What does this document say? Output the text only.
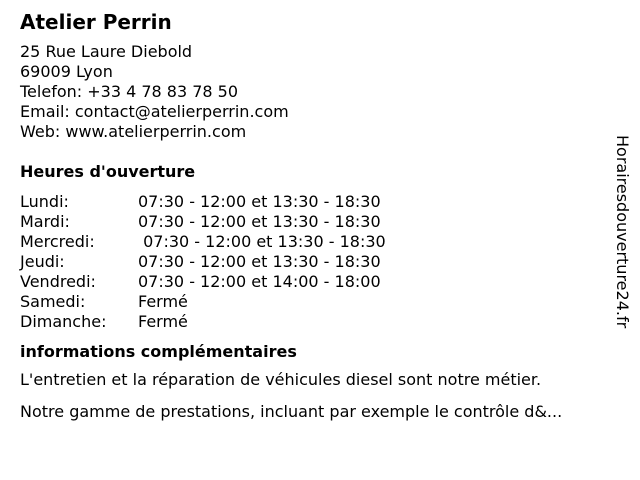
Atelier Perrin
25 Rue Laure Diebold
69009 Lyon
Telefon: +33 4 78 83 78 50
Email: contact@atelierperrin.com
Web: www.atelierperrin.com
Heures d'ouverture
Lundi:	07:30 - 12:00 et 13:30 - 18:30
Mardi:	07:30 - 12:00 et 13:30 - 18:30
Mercredi:	07:30 - 12:00 et 13:30 - 18:30
Jeudi:	07:30 - 12:00 et 13:30 - 18:30
Vendredi:	07:30 - 12:00 et 14:00 - 18:00
Samedi:	Fermé
Dimanche:	Fermé
informations complémentaires

L'entretien et la réparation de véhicules diesel sont notre métier.

Notre gamme de prestations, incluant par exemple le contrôle d&...

Horairesdouverture24.fr
